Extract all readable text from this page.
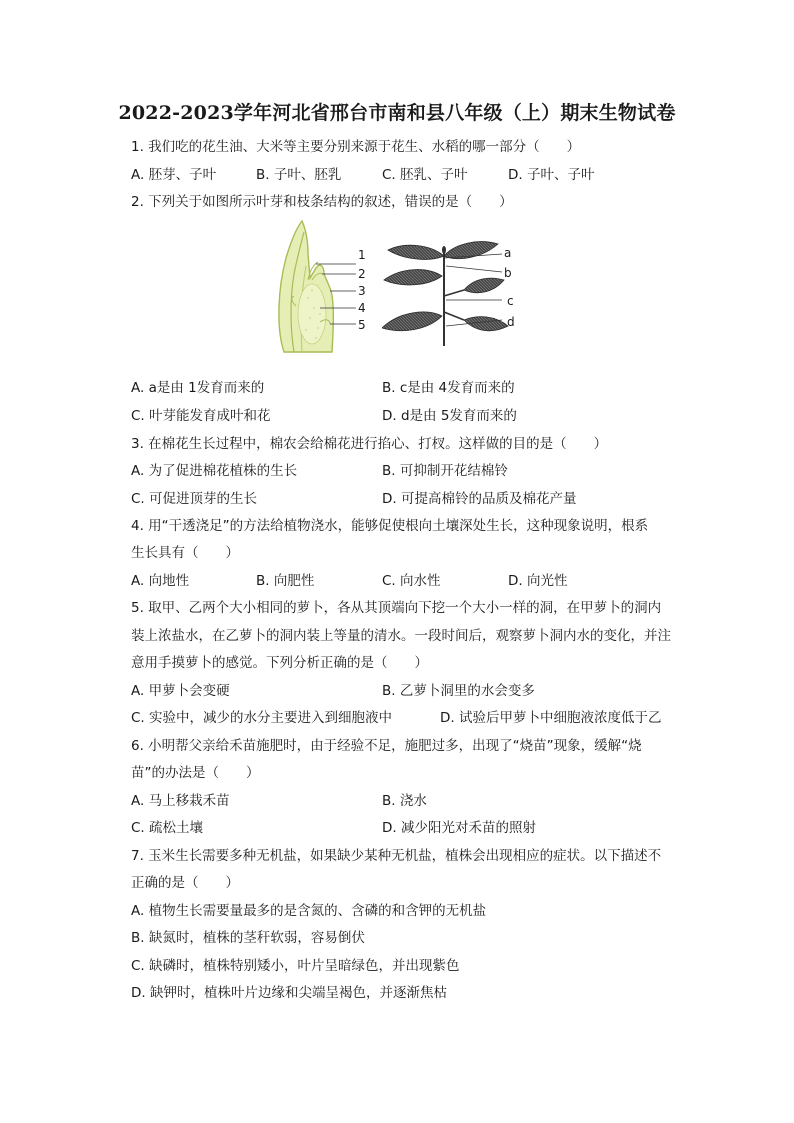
2022-2023学年河北省邢台市南和县八年级（上）期末生物试卷
1. 我们吃的花生油、大米等主要分别来源于花生、水稻的哪一部分（　　）
A. 胚芽、子叶	B. 子叶、胚乳	C. 胚乳、子叶	D. 子叶、子叶
2. 下列关于如图所示叶芽和枝条结构的叙述，错误的是（　　）
1
2
3
4
5
a
b
c
d
A. a是由 1发育而来的	B. c是由 4发育而来的
C. 叶芽能发育成叶和花	D. d是由 5发育而来的
3. 在棉花生长过程中，棉农会给棉花进行掐心、打杈。这样做的目的是（　　）
A. 为了促进棉花植株的生长	B. 可抑制开花结棉铃
C. 可促进顶芽的生长	D. 可提高棉铃的品质及棉花产量
4. 用“干透浇足”的方法给植物浇水，能够促使根向土壤深处生长，这种现象说明，根系
生长具有（　　）
A. 向地性	B. 向肥性	C. 向水性	D. 向光性
5. 取甲、乙两个大小相同的萝卜，各从其顶端向下挖一个大小一样的洞，在甲萝卜的洞内
装上浓盐水，在乙萝卜的洞内装上等量的清水。一段时间后，观察萝卜洞内水的变化，并注
意用手摸萝卜的感觉。下列分析正确的是（　　）
A. 甲萝卜会变硬	B. 乙萝卜洞里的水会变多
C. 实验中，减少的水分主要进入到细胞液中	D. 试验后甲萝卜中细胞液浓度低于乙
6. 小明帮父亲给禾苗施肥时，由于经验不足，施肥过多，出现了“烧苗”现象，缓解“烧
苗”的办法是（　　）
A. 马上移栽禾苗	B. 浇水
C. 疏松土壤	D. 减少阳光对禾苗的照射
7. 玉米生长需要多种无机盐，如果缺少某种无机盐，植株会出现相应的症状。以下描述不
正确的是（　　）
A. 植物生长需要量最多的是含氮的、含磷的和含钾的无机盐
B. 缺氮时，植株的茎秆软弱，容易倒伏
C. 缺磷时，植株特别矮小，叶片呈暗绿色，并出现紫色
D. 缺钾时，植株叶片边缘和尖端呈褐色，并逐渐焦枯
